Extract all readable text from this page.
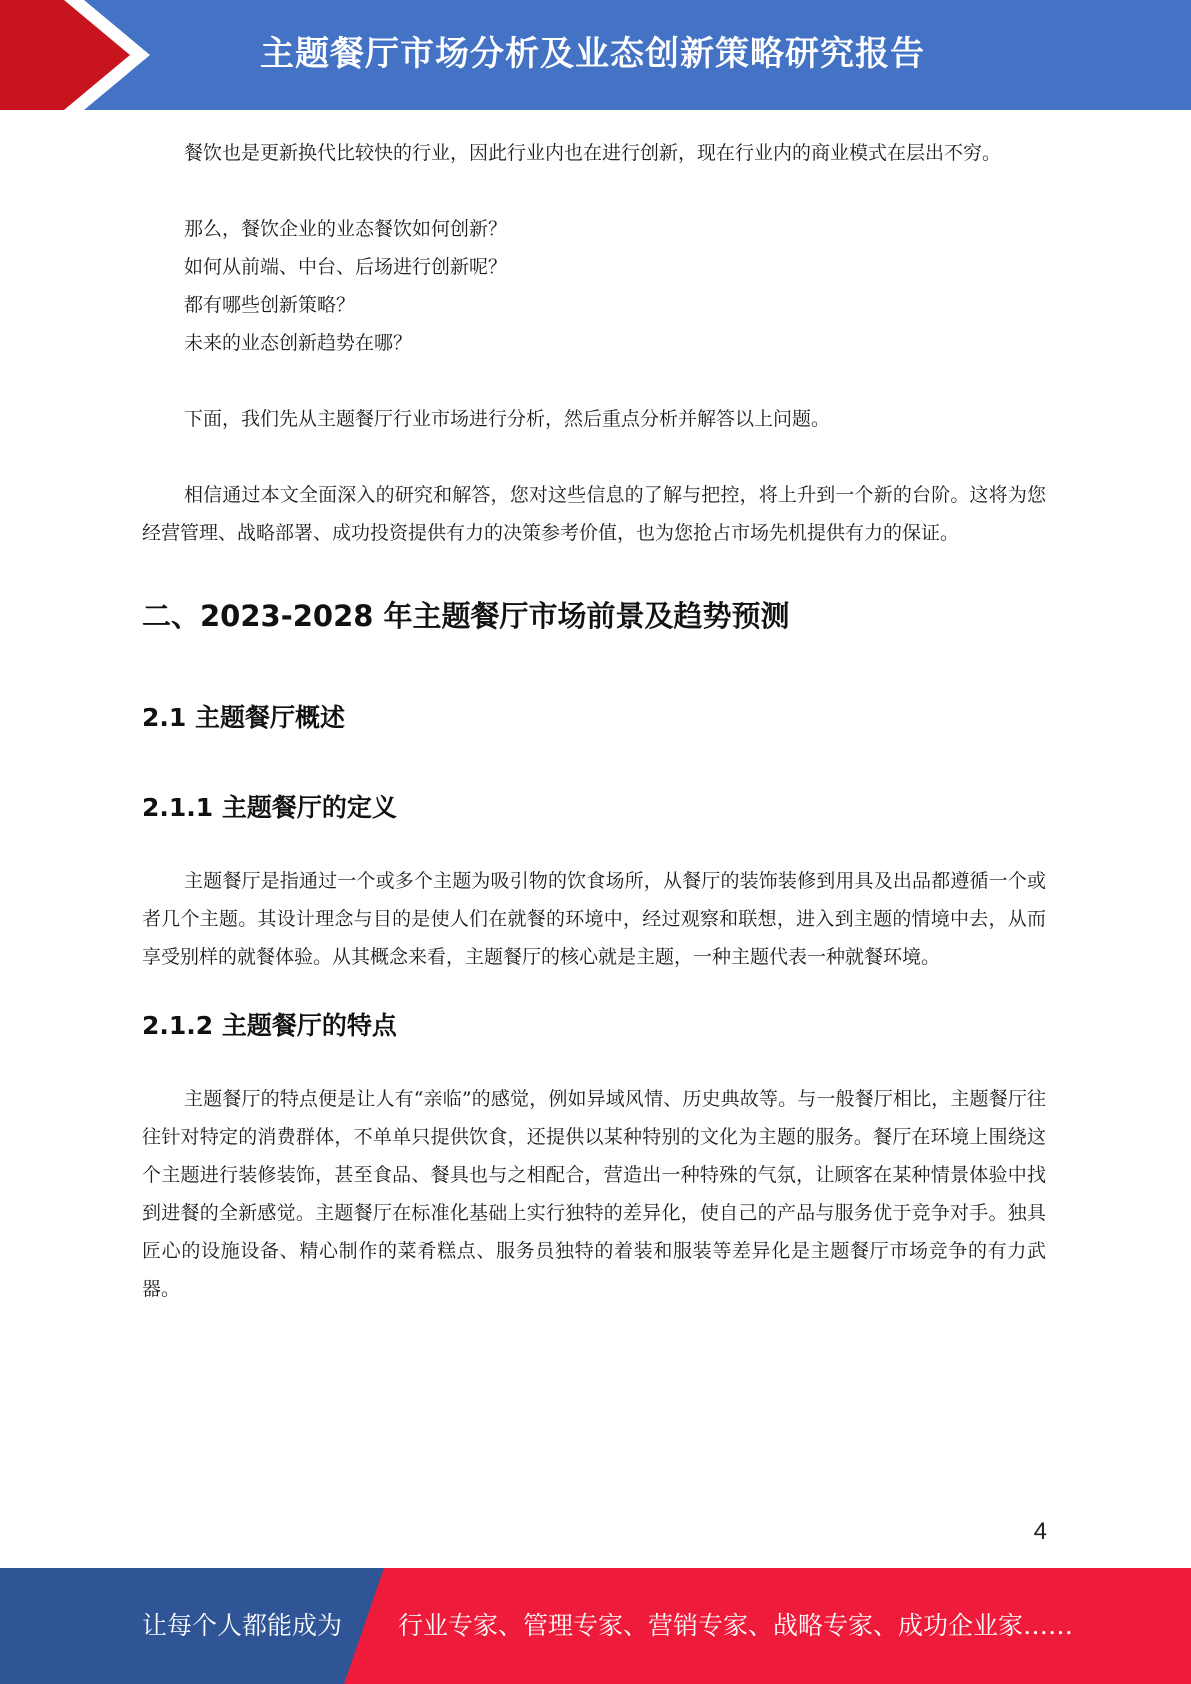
主题餐厅市场分析及业态创新策略研究报告

餐饮也是更新换代比较快的行业，因此行业内也在进行创新，现在行业内的商业模式在层出不穷。

那么，餐饮企业的业态餐饮如何创新？

如何从前端、中台、后场进行创新呢？

都有哪些创新策略？

未来的业态创新趋势在哪？

下面，我们先从主题餐厅行业市场进行分析，然后重点分析并解答以上问题。

相信通过本文全面深入的研究和解答，您对这些信息的了解与把控，将上升到一个新的台阶。这将为您经营管理、战略部署、成功投资提供有力的决策参考价值，也为您抢占市场先机提供有力的保证。

二、2023-2028 年主题餐厅市场前景及趋势预测
2.1 主题餐厅概述
2.1.1 主题餐厅的定义

主题餐厅是指通过一个或多个主题为吸引物的饮食场所，从餐厅的装饰装修到用具及出品都遵循一个或者几个主题。其设计理念与目的是使人们在就餐的环境中，经过观察和联想，进入到主题的情境中去，从而享受别样的就餐体验。从其概念来看，主题餐厅的核心就是主题，一种主题代表一种就餐环境。

2.1.2 主题餐厅的特点

主题餐厅的特点便是让人有“亲临”的感觉，例如异域风情、历史典故等。与一般餐厅相比，主题餐厅往往针对特定的消费群体，不单单只提供饮食，还提供以某种特别的文化为主题的服务。餐厅在环境上围绕这个主题进行装修装饰，甚至食品、餐具也与之相配合，营造出一种特殊的气氛，让顾客在某种情景体验中找到进餐的全新感觉。主题餐厅在标准化基础上实行独特的差异化，使自己的产品与服务优于竞争对手。独具匠心的设施设备、精心制作的菜肴糕点、服务员独特的着装和服装等差异化是主题餐厅市场竞争的有力武器。

4
让每个人都能成为 行业专家、管理专家、营销专家、战略专家、成功企业家……
